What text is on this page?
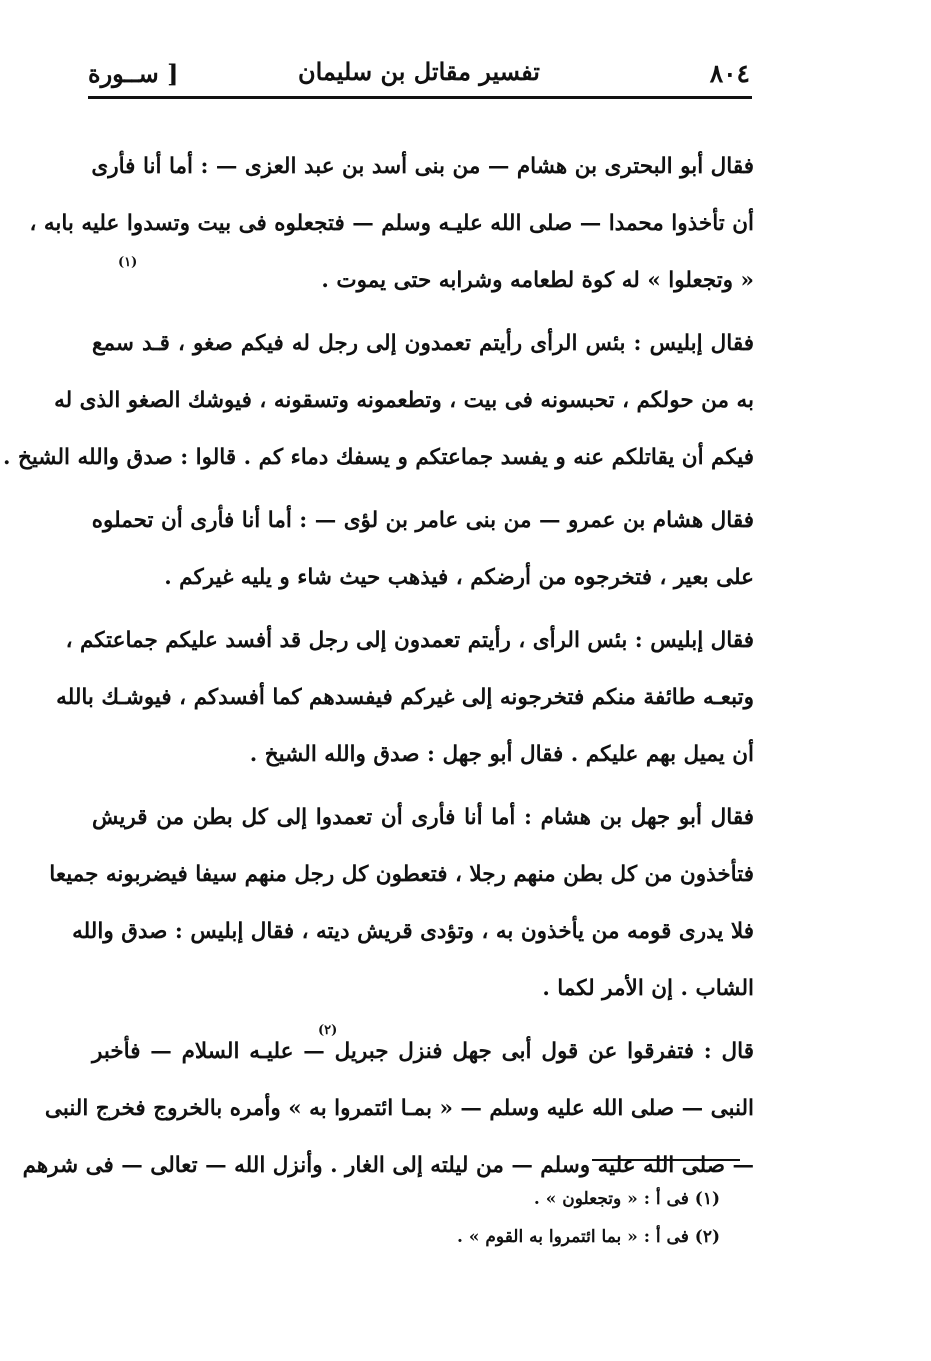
٨٠٤
تفسير مقاتل بن سليمان
[ ســورة
فقال أبو البحترى بن هشام — من بنى أسد بن عبد العزى — : أما أنا فأرى
أن تأخذوا محمدا — صلى الله عليـه وسلم — فتجعلوه فى بيت وتسدوا عليه بابه ،
« وتجعلوا » له كوة لطعامه وشرابه حتى يموت .
فقال إبليس : بئس الرأى رأيتم تعمدون إلى رجل له فيكم صغو ، قـد سمع
به من حولكم ، تحبسونه فى بيت ، وتطعمونه وتسقونه ، فيوشك الصغو الذى له
فيكم أن يقاتلكم عنه و يفسد جماعتكم و يسفك دماء كم . قالوا : صدق والله الشيخ .
فقال هشام بن عمرو — من بنى عامر بن لؤى — : أما أنا فأرى أن تحملوه
على بعير ، فتخرجوه من أرضكم ، فيذهب حيث شاء و يليه غيركم .
فقال إبليس : بئس الرأى ، رأيتم تعمدون إلى رجل قد أفسد عليكم جماعتكم ،
وتبعـه طائفة منكم فتخرجونه إلى غيركم فيفسدهم كما أفسدكم ، فيوشـك بالله
أن يميل بهم عليكم . فقال أبو جهل : صدق والله الشيخ .
فقال أبو جهل بن هشام : أما أنا فأرى أن تعمدوا إلى كل بطن من قريش
فتأخذون من كل بطن منهم رجلا ، فتعطون كل رجل منهم سيفا فيضربونه جميعا
فلا يدرى قومه من يأخذون به ، وتؤدى قريش ديته ، فقال إبليس : صدق والله
الشاب . إن الأمر لكما .
قال : فتفرقوا عن قول أبى جهل فنزل جبريل — عليـه السلام — فأخبر
النبى — صلى الله عليه وسلم — « بمـا ائتمروا به » وأمره بالخروج فخرج النبى
— صلى الله عليه وسلم — من ليلته إلى الغار . وأنزل الله — تعالى — فى شرهم
(١)
(٢)
(١) فى أ : « وتجعلون » .
(٢) فى أ : « بما ائتمروا به القوم » .
